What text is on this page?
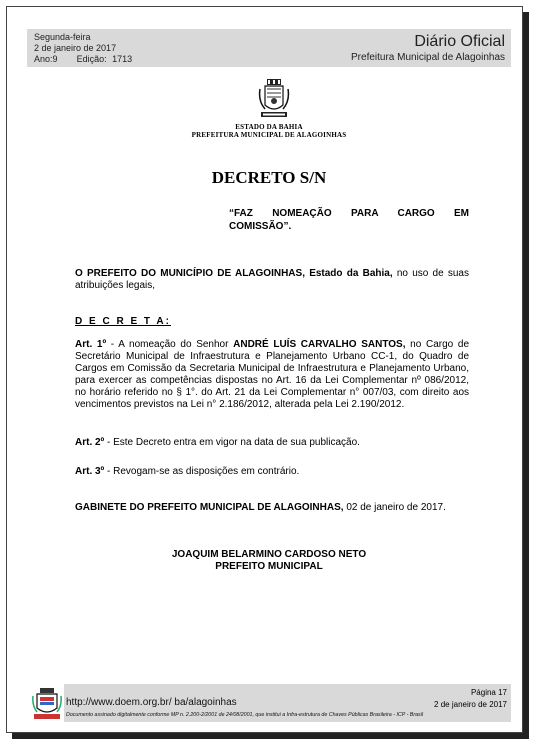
Segunda-feira
2 de janeiro de 2017
Ano:9 Edição: 1713
Diário Oficial
Prefeitura Municipal de Alagoinhas
ESTADO DA BAHIA
PREFEITURA MUNICIPAL DE ALAGOINHAS
DECRETO S/N
“FAZ NOMEAÇÃO PARA CARGO EM
COMISSÃO”.
O PREFEITO DO MUNICÍPIO DE ALAGOINHAS, Estado da Bahia, no uso de suas atribuições legais,
D E C R E T A:
Art. 1º - A nomeação do Senhor ANDRÉ LUÍS CARVALHO SANTOS, no Cargo de Secretário Municipal de Infraestrutura e Planejamento Urbano CC-1, do Quadro de Cargos em Comissão da Secretaria Municipal de Infraestrutura e Planejamento Urbano, para exercer as competências dispostas no Art. 16 da Lei Complementar nº 086/2012, no horário referido no § 1°. do Art. 21 da Lei Complementar n° 007/03, com direito aos vencimentos previstos na Lei n° 2.186/2012, alterada pela Lei 2.190/2012.
Art. 2º - Este Decreto entra em vigor na data de sua publicação.
Art. 3º - Revogam-se as disposições em contrário.
GABINETE DO PREFEITO MUNICIPAL DE ALAGOINHAS, 02 de janeiro de 2017.
JOAQUIM BELARMINO CARDOSO NETO
PREFEITO MUNICIPAL
http://www.doem.org.br/ ba/alagoinhas
Página 17
2 de janeiro de 2017
Documento assinado digitalmente conforme MP n. 2.200-2/2001 de 24/08/2001, que institui a Infra-estrutura de Chaves Públicas Brasileira - ICP - Brasil
